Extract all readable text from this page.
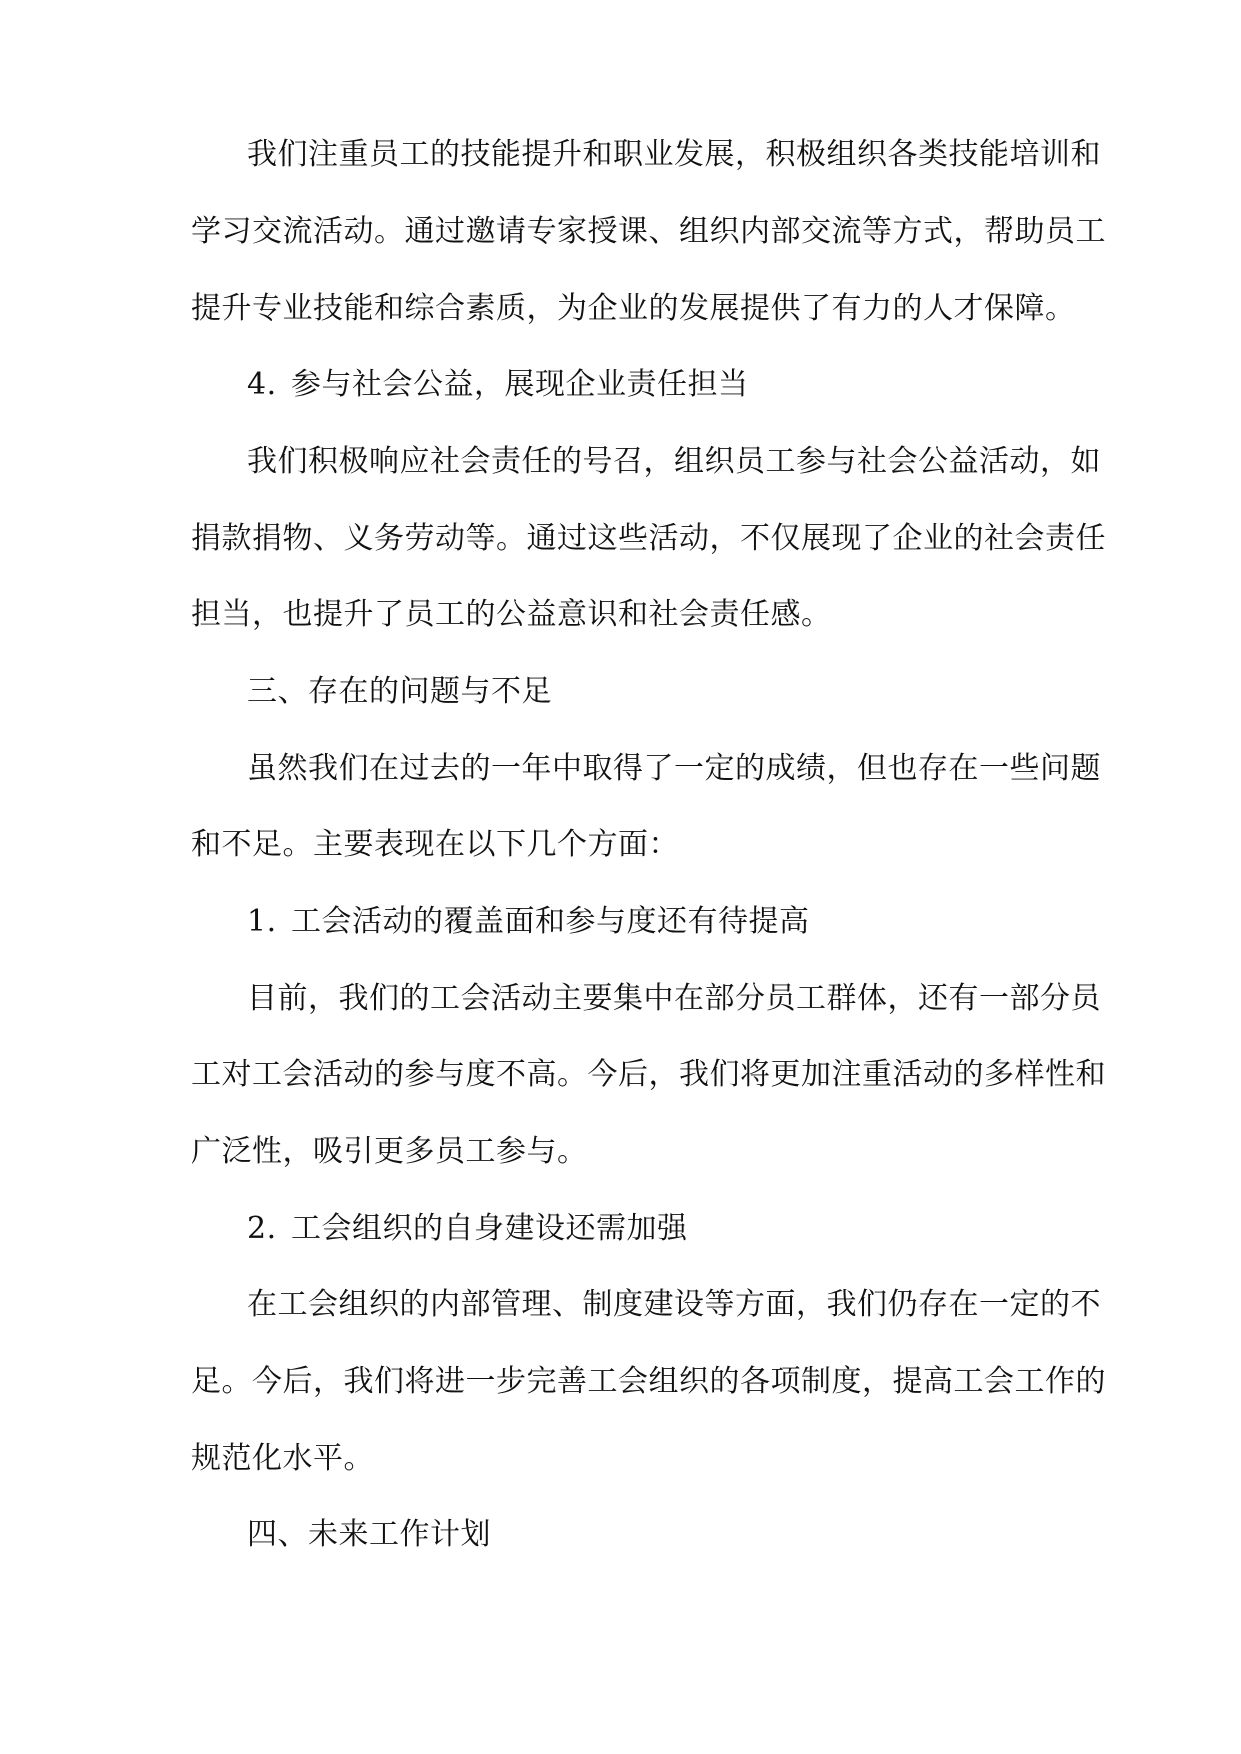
我们注重员工的技能提升和职业发展，积极组织各类技能培训和
学习交流活动。通过邀请专家授课、组织内部交流等方式，帮助员工
提升专业技能和综合素质，为企业的发展提供了有力的人才保障。
4. 参与社会公益，展现企业责任担当
我们积极响应社会责任的号召，组织员工参与社会公益活动，如
捐款捐物、义务劳动等。通过这些活动，不仅展现了企业的社会责任
担当，也提升了员工的公益意识和社会责任感。
三、存在的问题与不足
虽然我们在过去的一年中取得了一定的成绩，但也存在一些问题
和不足。主要表现在以下几个方面：
1. 工会活动的覆盖面和参与度还有待提高
目前，我们的工会活动主要集中在部分员工群体，还有一部分员
工对工会活动的参与度不高。今后，我们将更加注重活动的多样性和
广泛性，吸引更多员工参与。
2. 工会组织的自身建设还需加强
在工会组织的内部管理、制度建设等方面，我们仍存在一定的不
足。今后，我们将进一步完善工会组织的各项制度，提高工会工作的
规范化水平。
四、未来工作计划
